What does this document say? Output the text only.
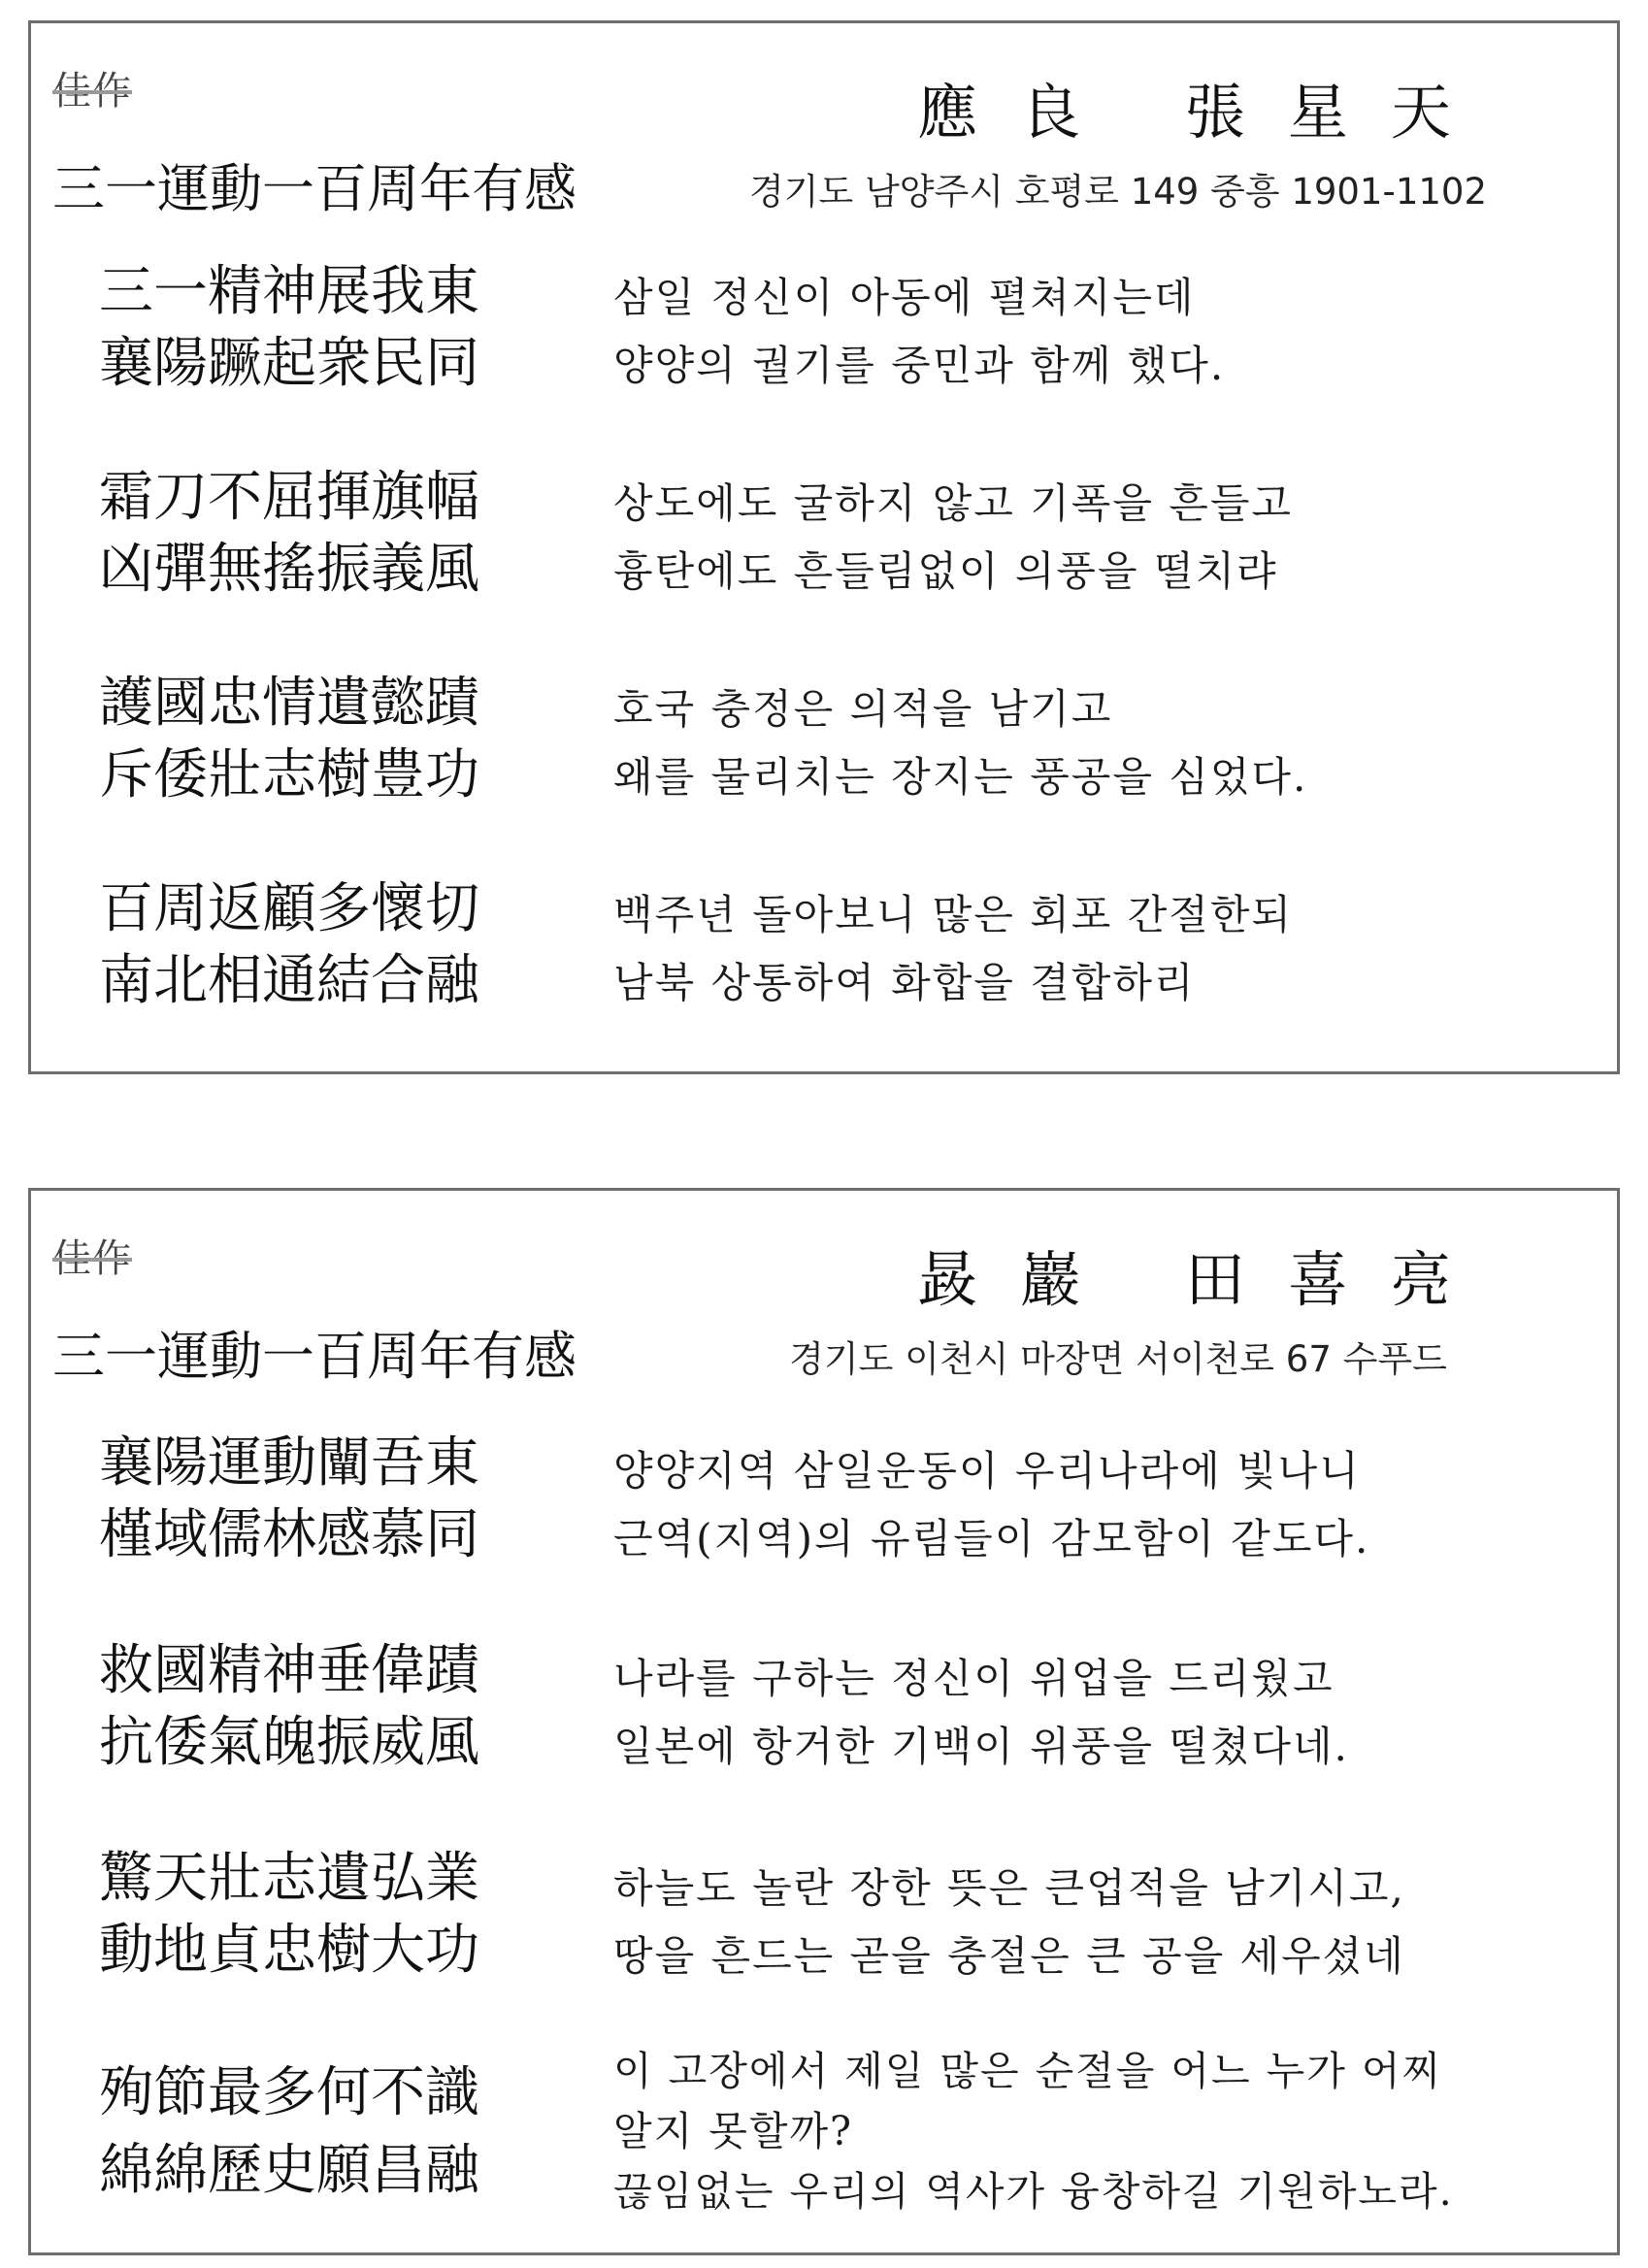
佳作
三一運動一百周年有感
應良 張星天
경기도 남양주시 호평로 149 중흥 1901-1102
三一精神展我東
襄陽蹶起衆民同
삼일 정신이 아동에 펼쳐지는데
양양의 궐기를 중민과 함께 했다.
霜刀不屈揮旗幅
凶彈無搖振義風
상도에도 굴하지 않고 기폭을 흔들고
흉탄에도 흔들림없이 의풍을 떨치랴
護國忠情遺懿蹟
斥倭壯志樹豊功
호국 충정은 의적을 남기고
왜를 물리치는 장지는 풍공을 심었다.
百周返顧多懷切
南北相通結合融
백주년 돌아보니 많은 회포 간절한되
남북 상통하여 화합을 결합하리
佳作
三一運動一百周年有感
晸巖 田喜亮
경기도 이천시 마장면 서이천로 67 수푸드
襄陽運動闡吾東
槿域儒林感慕同
양양지역 삼일운동이 우리나라에 빛나니
근역(지역)의 유림들이 감모함이 같도다.
救國精神垂偉蹟
抗倭氣魄振威風
나라를 구하는 정신이 위업을 드리웠고
일본에 항거한 기백이 위풍을 떨쳤다네.
驚天壯志遺弘業
動地貞忠樹大功
하늘도 놀란 장한 뜻은 큰업적을 남기시고,
땅을 흔드는 곧을 충절은 큰 공을 세우셨네
殉節最多何不識
綿綿歷史願昌融
이 고장에서 제일 많은 순절을 어느 누가 어찌
알지 못할까?
끊임없는 우리의 역사가 융창하길 기원하노라.
